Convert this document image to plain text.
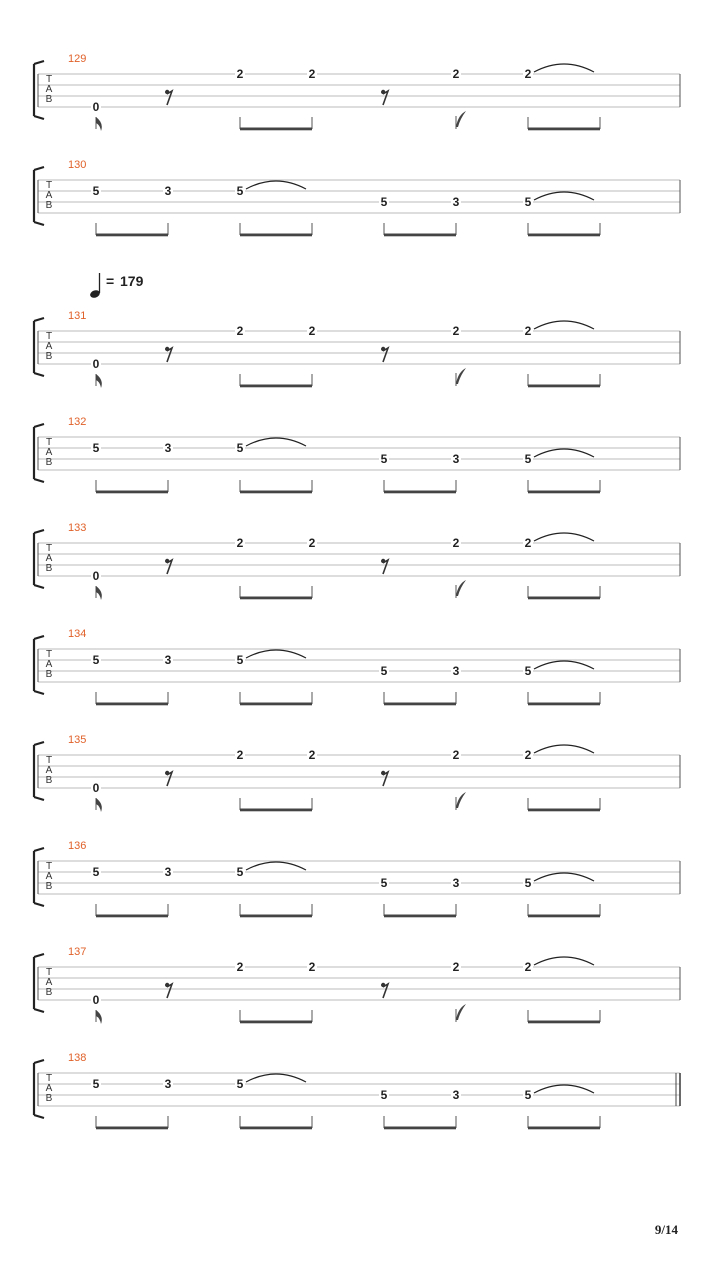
T
A
B
129
0
2	2	2	2
T
A
B
130
5	3	5
5	3	5
T
A
B
131
= 179
0
2	2	2	2
T
A
B
132
5	3	5
5	3	5
T
A
B
133
0
2	2	2	2
T
A
B
134
5	3	5
5	3	5
T
A
B
135
0
2	2	2	2
T
A
B
136
5	3	5
5	3	5
T
A
B
137
0
2	2	2	2
T
A
B
138
5	3	5
5	3	5
9/14
